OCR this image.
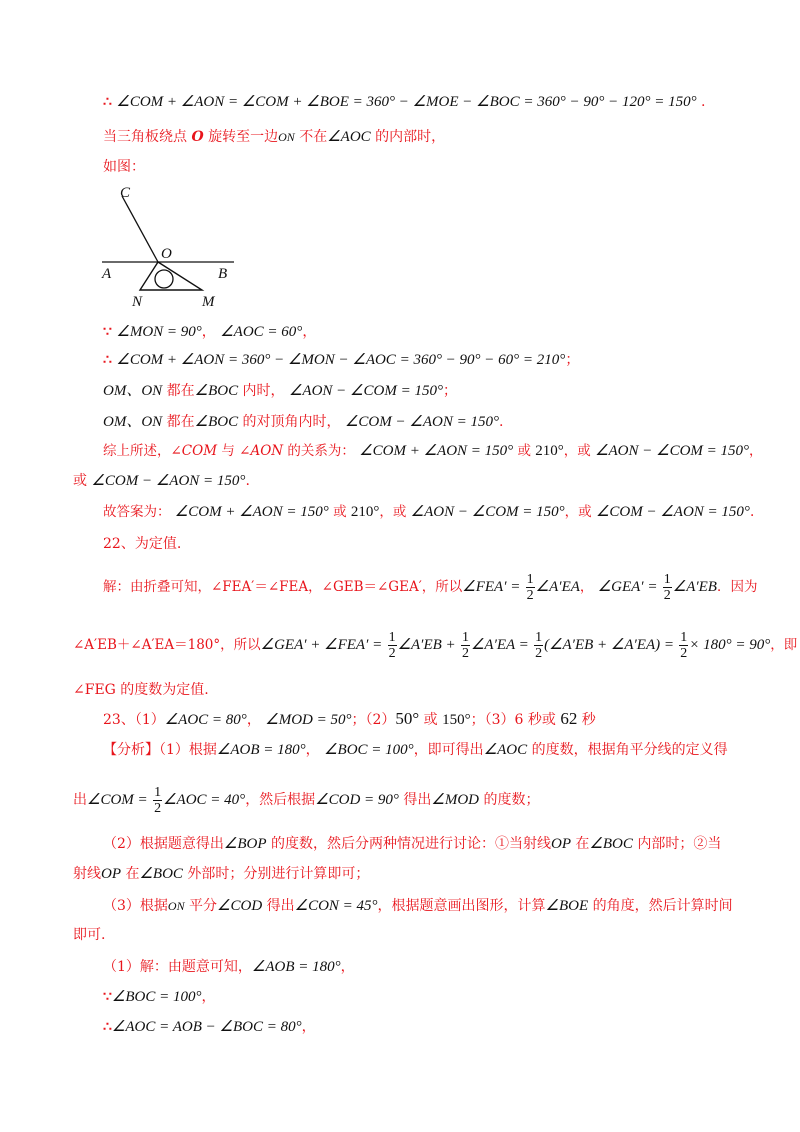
∴ ∠COM + ∠AON = ∠COM + ∠BOE = 360° − ∠MOE − ∠BOC = 360° − 90° − 120° = 150° .
当三角板绕点 O 旋转至一边ON 不在∠AOC 的内部时，
如图：
C
O
A	B
N	M
∵ ∠MON = 90°， ∠AOC = 60°，
∴ ∠COM + ∠AON = 360° − ∠MON − ∠AOC = 360° − 90° − 60° = 210°；
OM、ON 都在∠BOC 内时， ∠AON − ∠COM = 150°；
OM、ON 都在∠BOC 的对顶角内时， ∠COM − ∠AON = 150°.
综上所述，∠COM 与 ∠AON 的关系为： ∠COM + ∠AON = 150° 或 210°，或 ∠AON − ∠COM = 150°，
或 ∠COM − ∠AON = 150°.
故答案为： ∠COM + ∠AON = 150° 或 210°，或 ∠AON − ∠COM = 150°，或 ∠COM − ∠AON = 150°.
22、为定值.
解：由折叠可知，∠FEA′＝∠FEA，∠GEB＝∠GEA′，所以∠FEA′ = $\frac{1}{2}$ ∠A′EA， ∠GEA′ = $\frac{1}{2}$ ∠A′EB．因为
∠A′EB＋∠A′EA＝180°，所以∠GEA′ + ∠FEA′ = $\frac{1}{2}$ ∠A′EB + $\frac{1}{2}$ ∠A′EA = $\frac{1}{2}$ (∠A′EB + ∠A′EA) = $\frac{1}{2} \times 180^\circ = 90^\circ$，即
∠FEG 的度数为定值.
23、（1）∠AOC = 80°， ∠MOD = 50°；（2）50° 或 150°；（3）6 秒或 62 秒
【分析】（1）根据∠AOB = 180°， ∠BOC = 100°，即可得出∠AOC 的度数，根据角平分线的定义得
出∠COM = $\frac{1}{2}$ ∠AOC = 40°，然后根据∠COD = 90° 得出∠MOD 的度数；
（2）根据题意得出∠BOP 的度数，然后分两种情况进行讨论：①当射线OP 在∠BOC 内部时；②当
射线OP 在∠BOC 外部时；分别进行计算即可；
（3）根据ON 平分∠COD 得出∠CON = 45°，根据题意画出图形，计算∠BOE 的角度，然后计算时间
即可.
（1）解：由题意可知，∠AOB = 180°，
∵∠BOC = 100°，
∴∠AOC = AOB − ∠BOC = 80°，
